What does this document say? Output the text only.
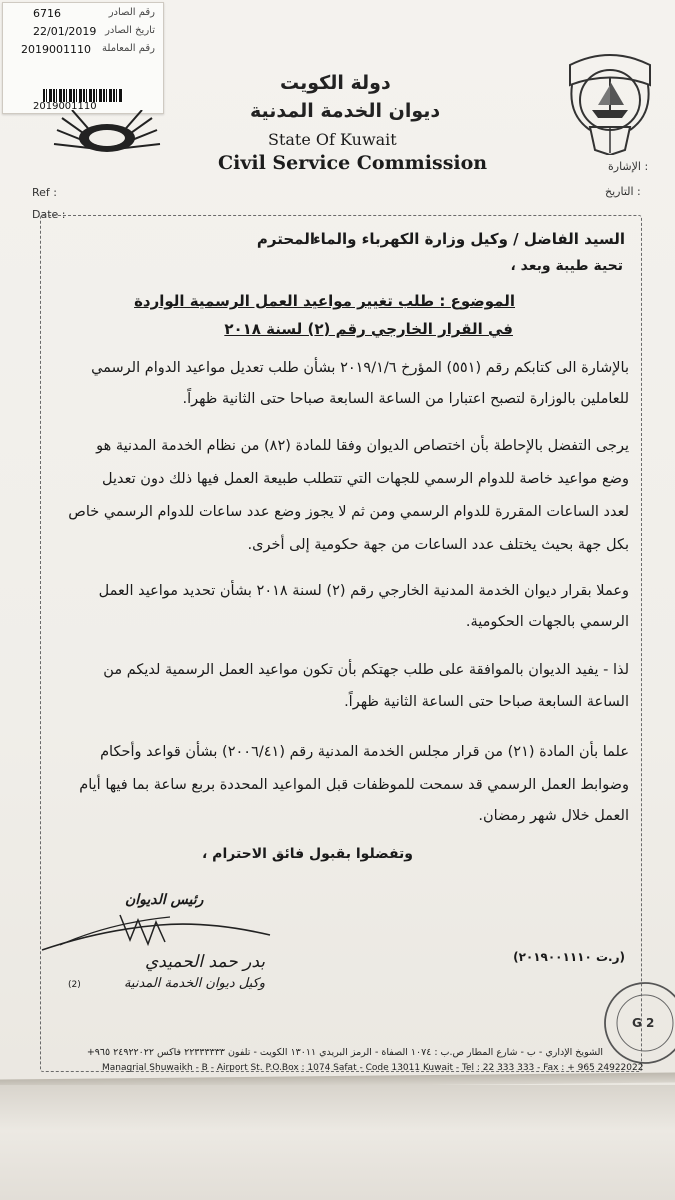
رقم الصادر
6716
تاريخ الصادر
22/01/2019
رقم المعاملة
2019001110
2019001110
دولة الكويت
ديوان الخدمة المدنية
State Of Kuwait
Civil Service Commission	الإشارة :
التاريخ :
Ref :
Date :
السيد الفاضل / وكيل وزارة الكهرباء والماء
المحترم
تحية طيبة وبعد ،
الموضوع : طلب تغيير مواعيد العمل الرسمية الواردة
في القرار الخارجي رقم (٢) لسنة ٢٠١٨
بالإشارة الى كتابكم رقم (٥٥١) المؤرخ ٢٠١٩/١/٦ بشأن طلب تعديل مواعيد الدوام الرسمي
للعاملين بالوزارة لتصبح اعتبارا من الساعة السابعة صباحا حتى الثانية ظهراً.
يرجى التفضل بالإحاطة بأن اختصاص الديوان وفقا للمادة (٨٢) من نظام الخدمة المدنية هو
وضع مواعيد خاصة للدوام الرسمي للجهات التي تتطلب طبيعة العمل فيها ذلك دون تعديل
لعدد الساعات المقررة للدوام الرسمي ومن ثم لا يجوز وضع عدد ساعات للدوام الرسمي خاص
بكل جهة بحيث يختلف عدد الساعات من جهة حكومية إلى أخرى.
وعملا بقرار ديوان الخدمة المدنية الخارجي رقم (٢) لسنة ٢٠١٨ بشأن تحديد مواعيد العمل
الرسمي بالجهات الحكومية.
لذا - يفيد الديوان بالموافقة على طلب جهتكم بأن تكون مواعيد العمل الرسمية لديكم من
الساعة السابعة صباحا حتى الساعة الثانية ظهراً.
علما بأن المادة (٢١) من قرار مجلس الخدمة المدنية رقم (٢٠٠٦/٤١) بشأن قواعد وأحكام
وضوابط العمل الرسمي قد سمحت للموظفات قبل المواعيد المحددة بربع ساعة بما فيها أيام
العمل خلال شهر رمضان.
وتفضلوا بقبول فائق الاحترام ،
رئيس الديوان
بدر حمد الحميدي
وكيل ديوان الخدمة المدنية
(2)
(ر.ت ٢٠١٩٠٠١١١٠)
G 2
الشويخ الإداري - ب - شارع المطار ص.ب : ١٠٧٤ الصفاة - الرمز البريدي ١٣٠١١ الكويت - تلفون ٢٢٣٣٣٣٣٣ فاكس ٢٤٩٢٢٠٢٢ ٩٦٥+
Managrial Shuwaikh - B - Airport St. P.O.Box : 1074 Safat - Code 13011 Kuwait - Tel : 22 333 333 - Fax : + 965 24922022
